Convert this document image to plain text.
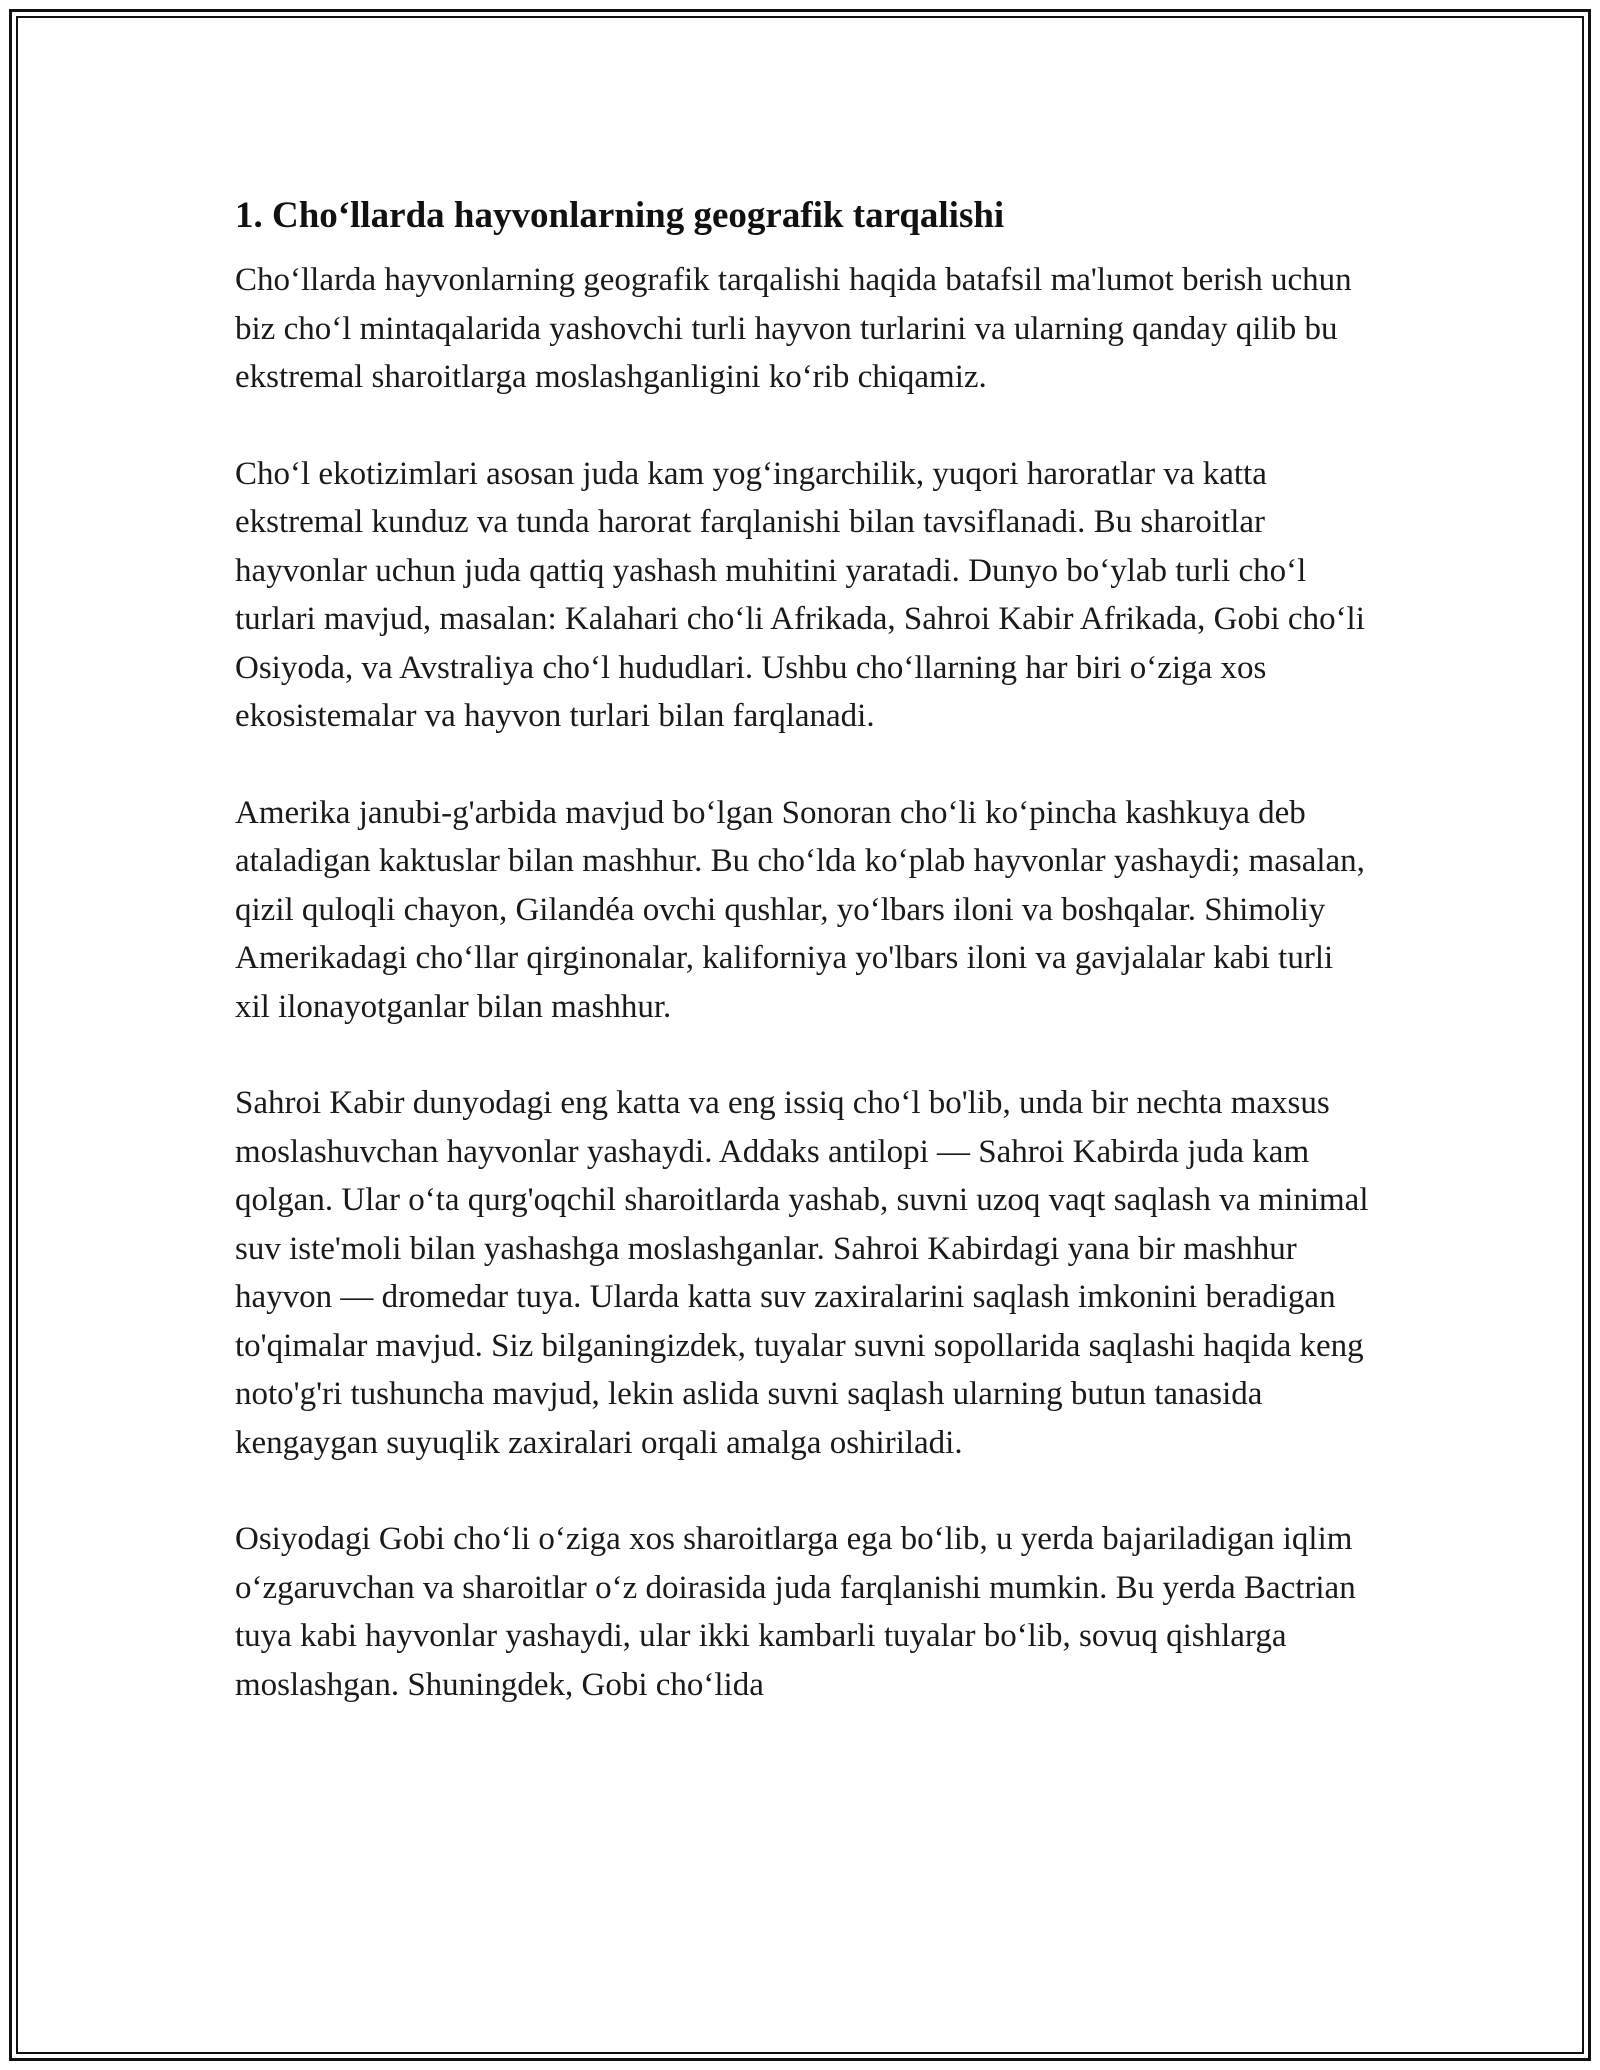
1. Cho‘llarda hayvonlarning geografik tarqalishi

Cho‘llarda hayvonlarning geografik tarqalishi haqida batafsil ma'lumot berish uchun biz cho‘l mintaqalarida yashovchi turli hayvon turlarini va ularning qanday qilib bu ekstremal sharoitlarga moslashganligini ko‘rib chiqamiz.

Cho‘l ekotizimlari asosan juda kam yog‘ingarchilik, yuqori haroratlar va katta ekstremal kunduz va tunda harorat farqlanishi bilan tavsiflanadi. Bu sharoitlar hayvonlar uchun juda qattiq yashash muhitini yaratadi. Dunyo bo‘ylab turli cho‘l turlari mavjud, masalan: Kalahari cho‘li Afrikada, Sahroi Kabir Afrikada, Gobi cho‘li Osiyoda, va Avstraliya cho‘l hududlari. Ushbu cho‘llarning har biri o‘ziga xos ekosistemalar va hayvon turlari bilan farqlanadi.

Amerika janubi-g'arbida mavjud bo‘lgan Sonoran cho‘li ko‘pincha kashkuya deb ataladigan kaktuslar bilan mashhur. Bu cho‘lda ko‘plab hayvonlar yashaydi; masalan, qizil quloqli chayon, Gilandéa ovchi qushlar, yo‘lbars iloni va boshqalar. Shimoliy Amerikadagi cho‘llar qirginonalar, kaliforniya yo'lbars iloni va gavjalalar kabi turli xil ilonayotganlar bilan mashhur.

Sahroi Kabir dunyodagi eng katta va eng issiq cho‘l bo'lib, unda bir nechta maxsus moslashuvchan hayvonlar yashaydi. Addaks antilopi — Sahroi Kabirda juda kam qolgan. Ular o‘ta qurg'oqchil sharoitlarda yashab, suvni uzoq vaqt saqlash va minimal suv iste'moli bilan yashashga moslashganlar. Sahroi Kabirdagi yana bir mashhur hayvon — dromedar tuya. Ularda katta suv zaxiralarini saqlash imkonini beradigan to'qimalar mavjud. Siz bilganingizdek, tuyalar suvni sopollarida saqlashi haqida keng noto'g'ri tushuncha mavjud, lekin aslida suvni saqlash ularning butun tanasida kengaygan suyuqlik zaxiralari orqali amalga oshiriladi.

Osiyodagi Gobi cho‘li o‘ziga xos sharoitlarga ega bo‘lib, u yerda bajariladigan iqlim o‘zgaruvchan va sharoitlar o‘z doirasida juda farqlanishi mumkin. Bu yerda Bactrian tuya kabi hayvonlar yashaydi, ular ikki kambarli tuyalar bo‘lib, sovuq qishlarga moslashgan. Shuningdek, Gobi cho‘lida
